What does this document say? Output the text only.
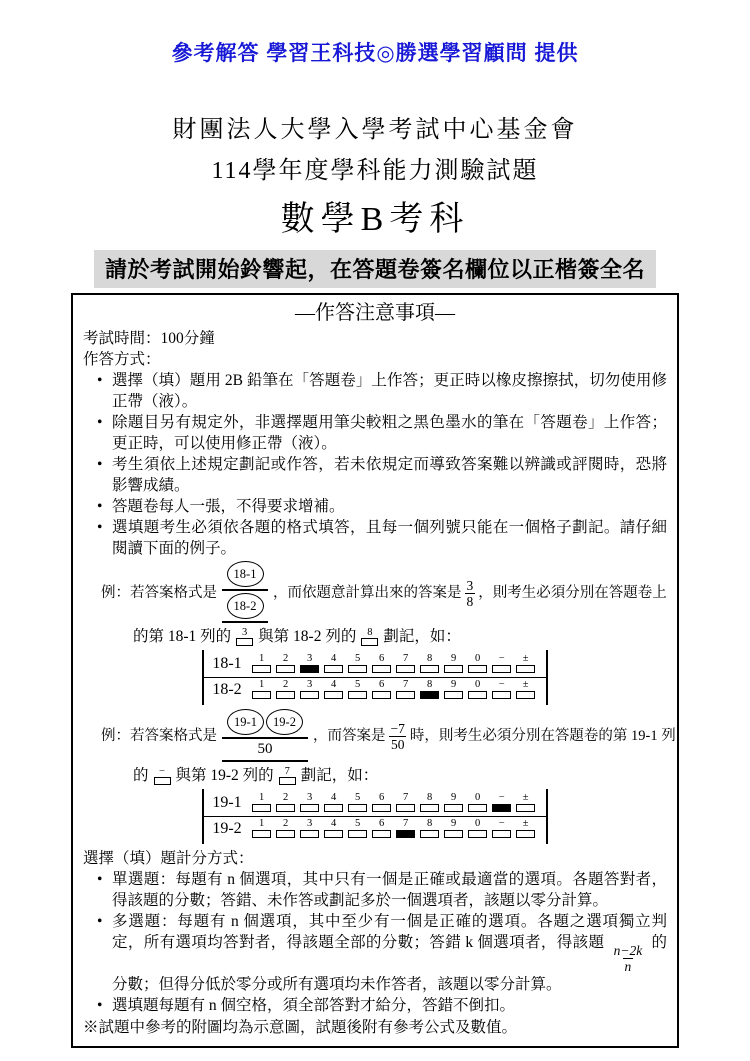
參考解答 學習王科技◎勝選學習顧問 提供
財團法人大學入學考試中心基金會
114學年度學科能力測驗試題
數學B考科
請於考試開始鈴響起，在答題卷簽名欄位以正楷簽全名
—作答注意事項—
考試時間：100分鐘
作答方式：
• 選擇（填）題用 2B 鉛筆在「答題卷」上作答；更正時以橡皮擦擦拭，切勿使用修正帶（液）。
• 除題目另有規定外，非選擇題用筆尖較粗之黑色墨水的筆在「答題卷」上作答；更正時，可以使用修正帶（液）。
• 考生須依上述規定劃記或作答，若未依規定而導致答案難以辨識或評閱時，恐將影響成績。
• 答題卷每人一張，不得要求增補。
• 選填題考生必須依各題的格式填答，且每一個列號只能在一個格子劃記。請仔細閱讀下面的例子。
例：若答案格式是
18-1
18-2
，而依題意計算出來的答案是 $\frac{3}{8}$ ，則考生必須分別在答題卷上
的第 18-1 列的 3 與第 18-2 列的 8 劃記，如：
$\frac{18-1 1 2 3 4 5 6 7 8 9 0 - \pm}{18-2 1 2 3 4 5 6 7 8 9 0 - \pm}$
例：若答案格式是
19-1	19-2
50
，而答案是 $\frac{-7}{50}$ 時，則考生必須分別在答題卷的第 19-1 列
的 − 與第 19-2 列的 7 劃記，如：
$\frac{19-1 1 2 3 4 5 6 7 8 9 0 - \pm}{19-2 1 2 3 4 5 6 7 8 9 0 - \pm}$
選擇（填）題計分方式：
• 單選題：每題有 n 個選項，其中只有一個是正確或最適當的選項。各題答對者，得該題的分數；答錯、未作答或劃記多於一個選項者，該題以零分計算。
• 多選題：每題有 n 個選項，其中至少有一個是正確的選項。各題之選項獨立判定，所有選項均答對者，得該題全部的分數；答錯 k 個選項者，得該題
$\frac{n-2k}{n}$
的分數；但得分低於零分或所有選項均未作答者，該題以零分計算。
• 選填題每題有 n 個空格，須全部答對才給分，答錯不倒扣。
※試題中參考的附圖均為示意圖，試題後附有參考公式及數值。
